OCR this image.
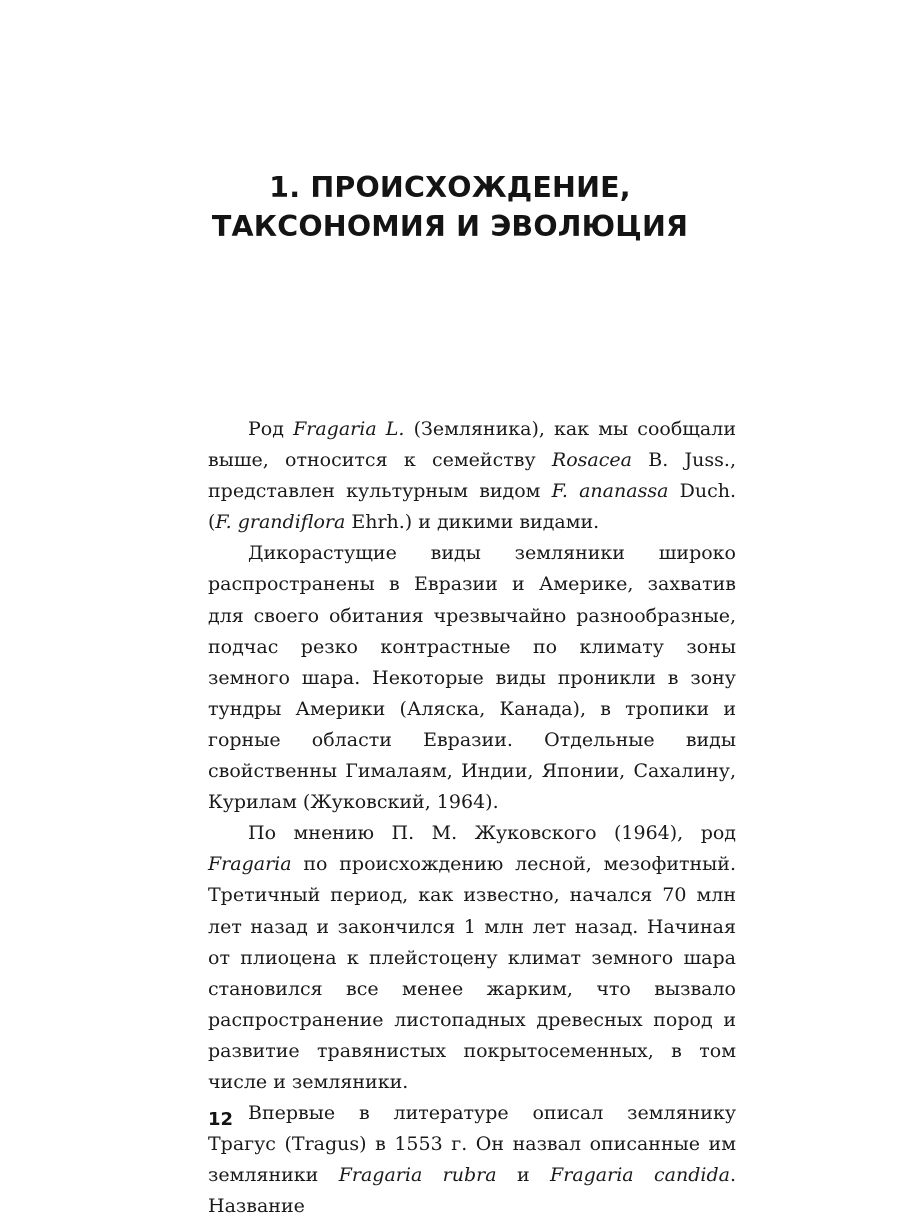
1. ПРОИСХОЖДЕНИЕ,
ТАКСОНОМИЯ И ЭВОЛЮЦИЯ

Род Fragaria L. (Земляника), как мы сообщали выше, относится к семейству Rosacea B. Juss., представлен культурным видом F. ananassa Duch. (F. grandiflora Ehrh.) и дикими видами.

Дикорастущие виды земляники широко распространены в Евразии и Америке, захватив для своего обитания чрезвычайно разнообразные, подчас резко контрастные по климату зоны земного шара. Некоторые виды проникли в зону тундры Америки (Аляска, Канада), в тропики и горные области Евразии. Отдельные виды свойственны Гималаям, Индии, Японии, Сахалину, Курилам (Жуковский, 1964).

По мнению П. М. Жуковского (1964), род Fragaria по происхождению лесной, мезофитный. Третичный период, как известно, начался 70 млн лет назад и закончился 1 млн лет назад. Начиная от плиоцена к плейстоцену климат земного шара становился все менее жарким, что вызвало распространение листопадных древесных пород и развитие травянистых покрытосеменных, в том числе и земляники.

Впервые в литературе описал землянику Трагус (Tragus) в 1553 г. Он назвал описанные им земляники Fragaria rubra и Fragaria candida. Название

12
